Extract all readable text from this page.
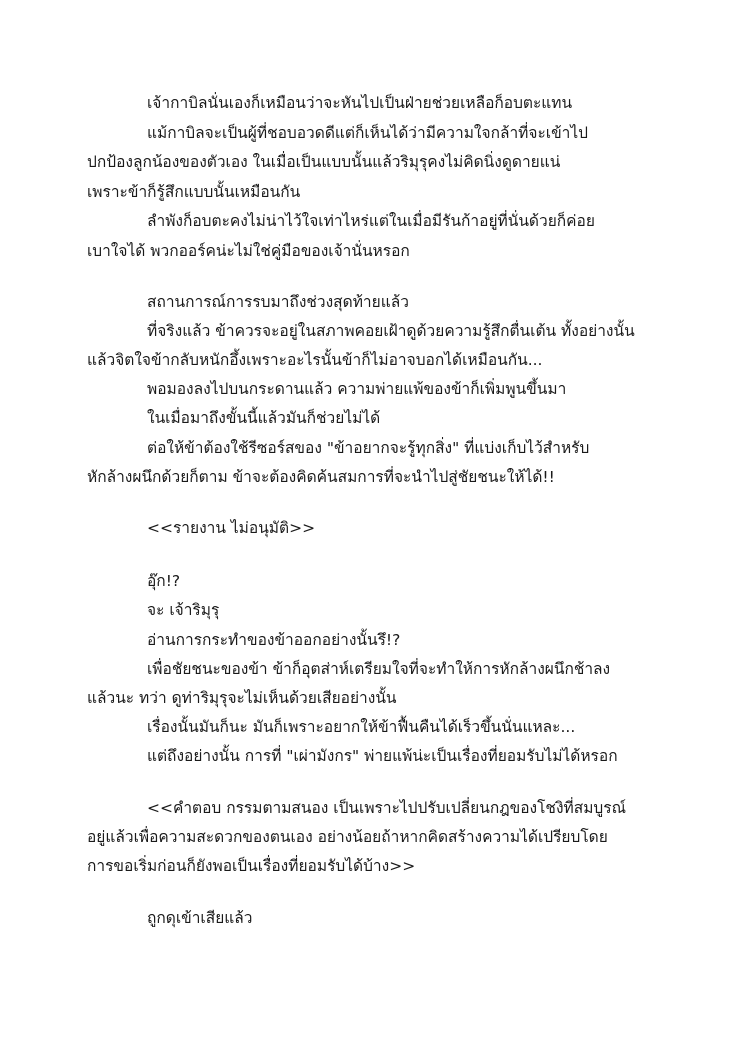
เจ้ากาบิลนั่นเองก็เหมือนว่าจะหันไปเป็นฝ่ายช่วยเหลือก็อบตะแทน
แม้กาบิลจะเป็นผู้ที่ชอบอวดดีแต่ก็เห็นได้ว่ามีความใจกล้าที่จะเข้าไป
ปกป้องลูกน้องของตัวเอง ในเมื่อเป็นแบบนั้นแล้วริมุรุคงไม่คิดนิ่งดูดายแน่
เพราะข้าก็รู้สึกแบบนั้นเหมือนกัน
ลำพังก็อบตะคงไม่น่าไว้ใจเท่าไหร่แต่ในเมื่อมีรันก้าอยู่ที่นั่นด้วยก็ค่อย
เบาใจได้ พวกออร์คน่ะไม่ใช่คู่มือของเจ้านั่นหรอก
สถานการณ์การรบมาถึงช่วงสุดท้ายแล้ว
ที่จริงแล้ว ข้าควรจะอยู่ในสภาพคอยเฝ้าดูด้วยความรู้สึกตื่นเต้น ทั้งอย่างนั้น
แล้วจิตใจข้ากลับหนักอึ้งเพราะอะไรนั้นข้าก็ไม่อาจบอกได้เหมือนกัน...
พอมองลงไปบนกระดานแล้ว ความพ่ายแพ้ของข้าก็เพิ่มพูนขึ้นมา
ในเมื่อมาถึงขั้นนี้แล้วมันก็ช่วยไม่ได้
ต่อให้ข้าต้องใช้รีซอร์สของ "ข้าอยากจะรู้ทุกสิ่ง" ที่แบ่งเก็บไว้สำหรับ
หักล้างผนึกด้วยก็ตาม ข้าจะต้องคิดค้นสมการที่จะนำไปสู่ชัยชนะให้ได้!!
<<รายงาน ไม่อนุมัติ>>
อุ๊ก!?
จะ เจ้าริมุรุ
อ่านการกระทำของข้าออกอย่างนั้นรึ!?
เพื่อชัยชนะของข้า ข้าก็อุตส่าห์เตรียมใจที่จะทำให้การหักล้างผนึกช้าลง
แล้วนะ ทว่า ดูท่าริมุรุจะไม่เห็นด้วยเสียอย่างนั้น
เรื่องนั้นมันก็นะ มันก็เพราะอยากให้ข้าฟื้นคืนได้เร็วขึ้นนั่นแหละ...
แต่ถึงอย่างนั้น การที่ "เผ่ามังกร" พ่ายแพ้น่ะเป็นเรื่องที่ยอมรับไม่ได้หรอก
<<คำตอบ กรรมตามสนอง เป็นเพราะไปปรับเปลี่ยนกฎของโชงิที่สมบูรณ์
อยู่แล้วเพื่อความสะดวกของตนเอง อย่างน้อยถ้าหากคิดสร้างความได้เปรียบโดย
การขอเริ่มก่อนก็ยังพอเป็นเรื่องที่ยอมรับได้บ้าง>>
ถูกดุเข้าเสียแล้ว
